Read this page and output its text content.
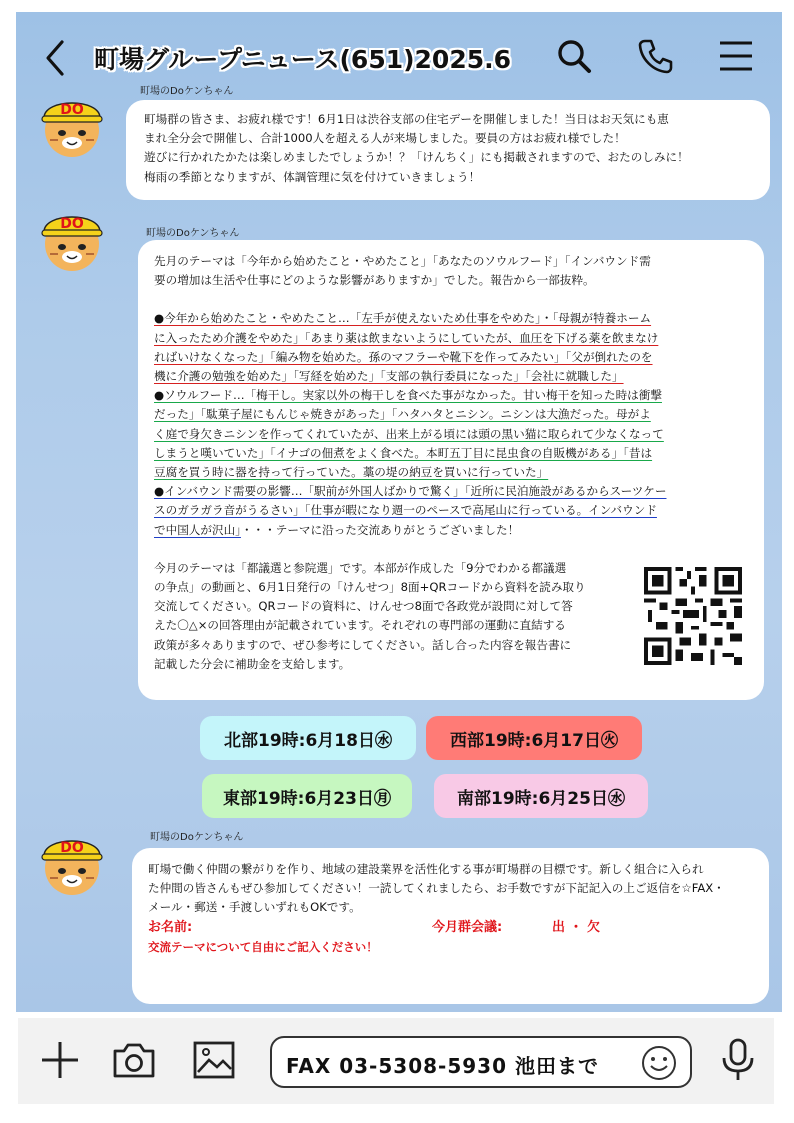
町場グループニュース(651)2025.6
DO
町場のDoケンちゃん

町場群の皆さま、お疲れ様です！6月1日は渋谷支部の住宅デーを開催しました！当日はお天気にも恵

まれ全分会で開催し、合計1000人を超える人が来場しました。要員の方はお疲れ様でした！

遊びに行かれたかたは楽しめましたでしょうか！？「けんちく」にも掲載されますので、おたのしみに！

梅雨の季節となりますが、体調管理に気を付けていきましょう！

DO
町場のDoケンちゃん

先月のテーマは「今年から始めたこと・やめたこと」「あなたのソウルフード」「インバウンド需

要の増加は生活や仕事にどのような影響がありますか」でした。報告から一部抜粋。

●今年から始めたこと・やめたこと…「左手が使えないため仕事をやめた」・「母親が特養ホーム

に入ったため介護をやめた」「あまり薬は飲まないようにしていたが、血圧を下げる薬を飲まなけ

ればいけなくなった」「編み物を始めた。孫のマフラーや靴下を作ってみたい」「父が倒れたのを

機に介護の勉強を始めた」「写経を始めた」「支部の執行委員になった」「会社に就職した」

●ソウルフード…「梅干し。実家以外の梅干しを食べた事がなかった。甘い梅干を知った時は衝撃

だった」「駄菓子屋にもんじゃ焼きがあった」「ハタハタとニシン。ニシンは大漁だった。母がよ

く庭で身欠きニシンを作ってくれていたが、出来上がる頃には頭の黒い猫に取られて少なくなって

しまうと嘆いていた」「イナゴの佃煮をよく食べた。本町五丁目に昆虫食の自販機がある」「昔は

豆腐を買う時に器を持って行っていた。藁の堤の納豆を買いに行っていた」

●インバウンド需要の影響…「駅前が外国人ばかりで驚く」「近所に民泊施設があるからスーツケー

スのガラガラ音がうるさい」「仕事が暇になり週一のペースで高尾山に行っている。インバウンド

で中国人が沢山」・・・テーマに沿った交流ありがとうございました！

今月のテーマは「都議選と参院選」です。本部が作成した「9分でわかる都議選

の争点」の動画と、6月1日発行の「けんせつ」8面+QRコードから資料を読み取り

交流してください。QRコードの資料に、けんせつ8面で各政党が設問に対して答

えた〇△×の回答理由が記載されています。それぞれの専門部の運動に直結する

政策が多々ありますので、ぜひ参考にしてください。話し合った内容を報告書に

記載した分会に補助金を支給します。

北部19時:6月18日㊌	西部19時:6月17日㊋
東部19時:6月23日㊊	南部19時:6月25日㊌
DO
町場のDoケンちゃん

町場で働く仲間の繋がりを作り、地域の建設業界を活性化する事が町場群の目標です。新しく組合に入られ

た仲間の皆さんもぜひ参加してください！一読してくれましたら、お手数ですが下記記入の上ご返信を☆FAX・

メール・郵送・手渡しいずれもOKです。

お名前:	今月群会議:	出 ・ 欠

交流テーマについて自由にご記入ください！

FAX 03-5308-5930 池田まで
